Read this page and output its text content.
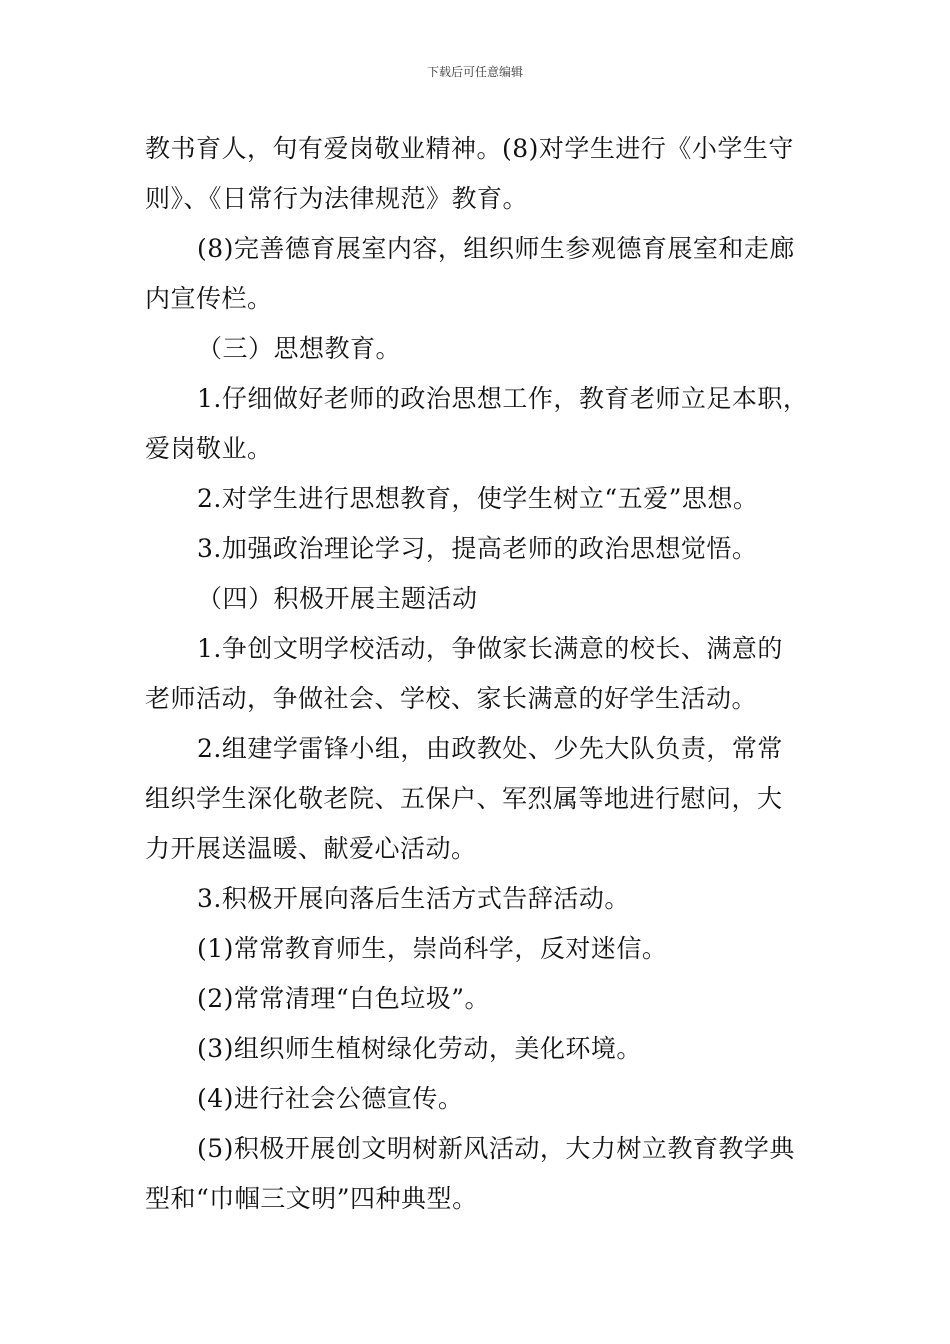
下载后可任意编辑
教书育人，句有爱岗敬业精神。(8)对学生进行《小学生守
则》、《日常行为法律规范》教育。
(8)完善德育展室内容，组织师生参观德育展室和走廊
内宣传栏。
（三）思想教育。
1.仔细做好老师的政治思想工作，教育老师立足本职，
爱岗敬业。
2.对学生进行思想教育，使学生树立“五爱”思想。
3.加强政治理论学习，提高老师的政治思想觉悟。
（四）积极开展主题活动
1.争创文明学校活动，争做家长满意的校长、满意的
老师活动，争做社会、学校、家长满意的好学生活动。
2.组建学雷锋小组，由政教处、少先大队负责，常常
组织学生深化敬老院、五保户、军烈属等地进行慰问，大
力开展送温暖、献爱心活动。
3.积极开展向落后生活方式告辞活动。
(1)常常教育师生，崇尚科学，反对迷信。
(2)常常清理“白色垃圾”。
(3)组织师生植树绿化劳动，美化环境。
(4)进行社会公德宣传。
(5)积极开展创文明树新风活动，大力树立教育教学典
型和“巾帼三文明”四种典型。
